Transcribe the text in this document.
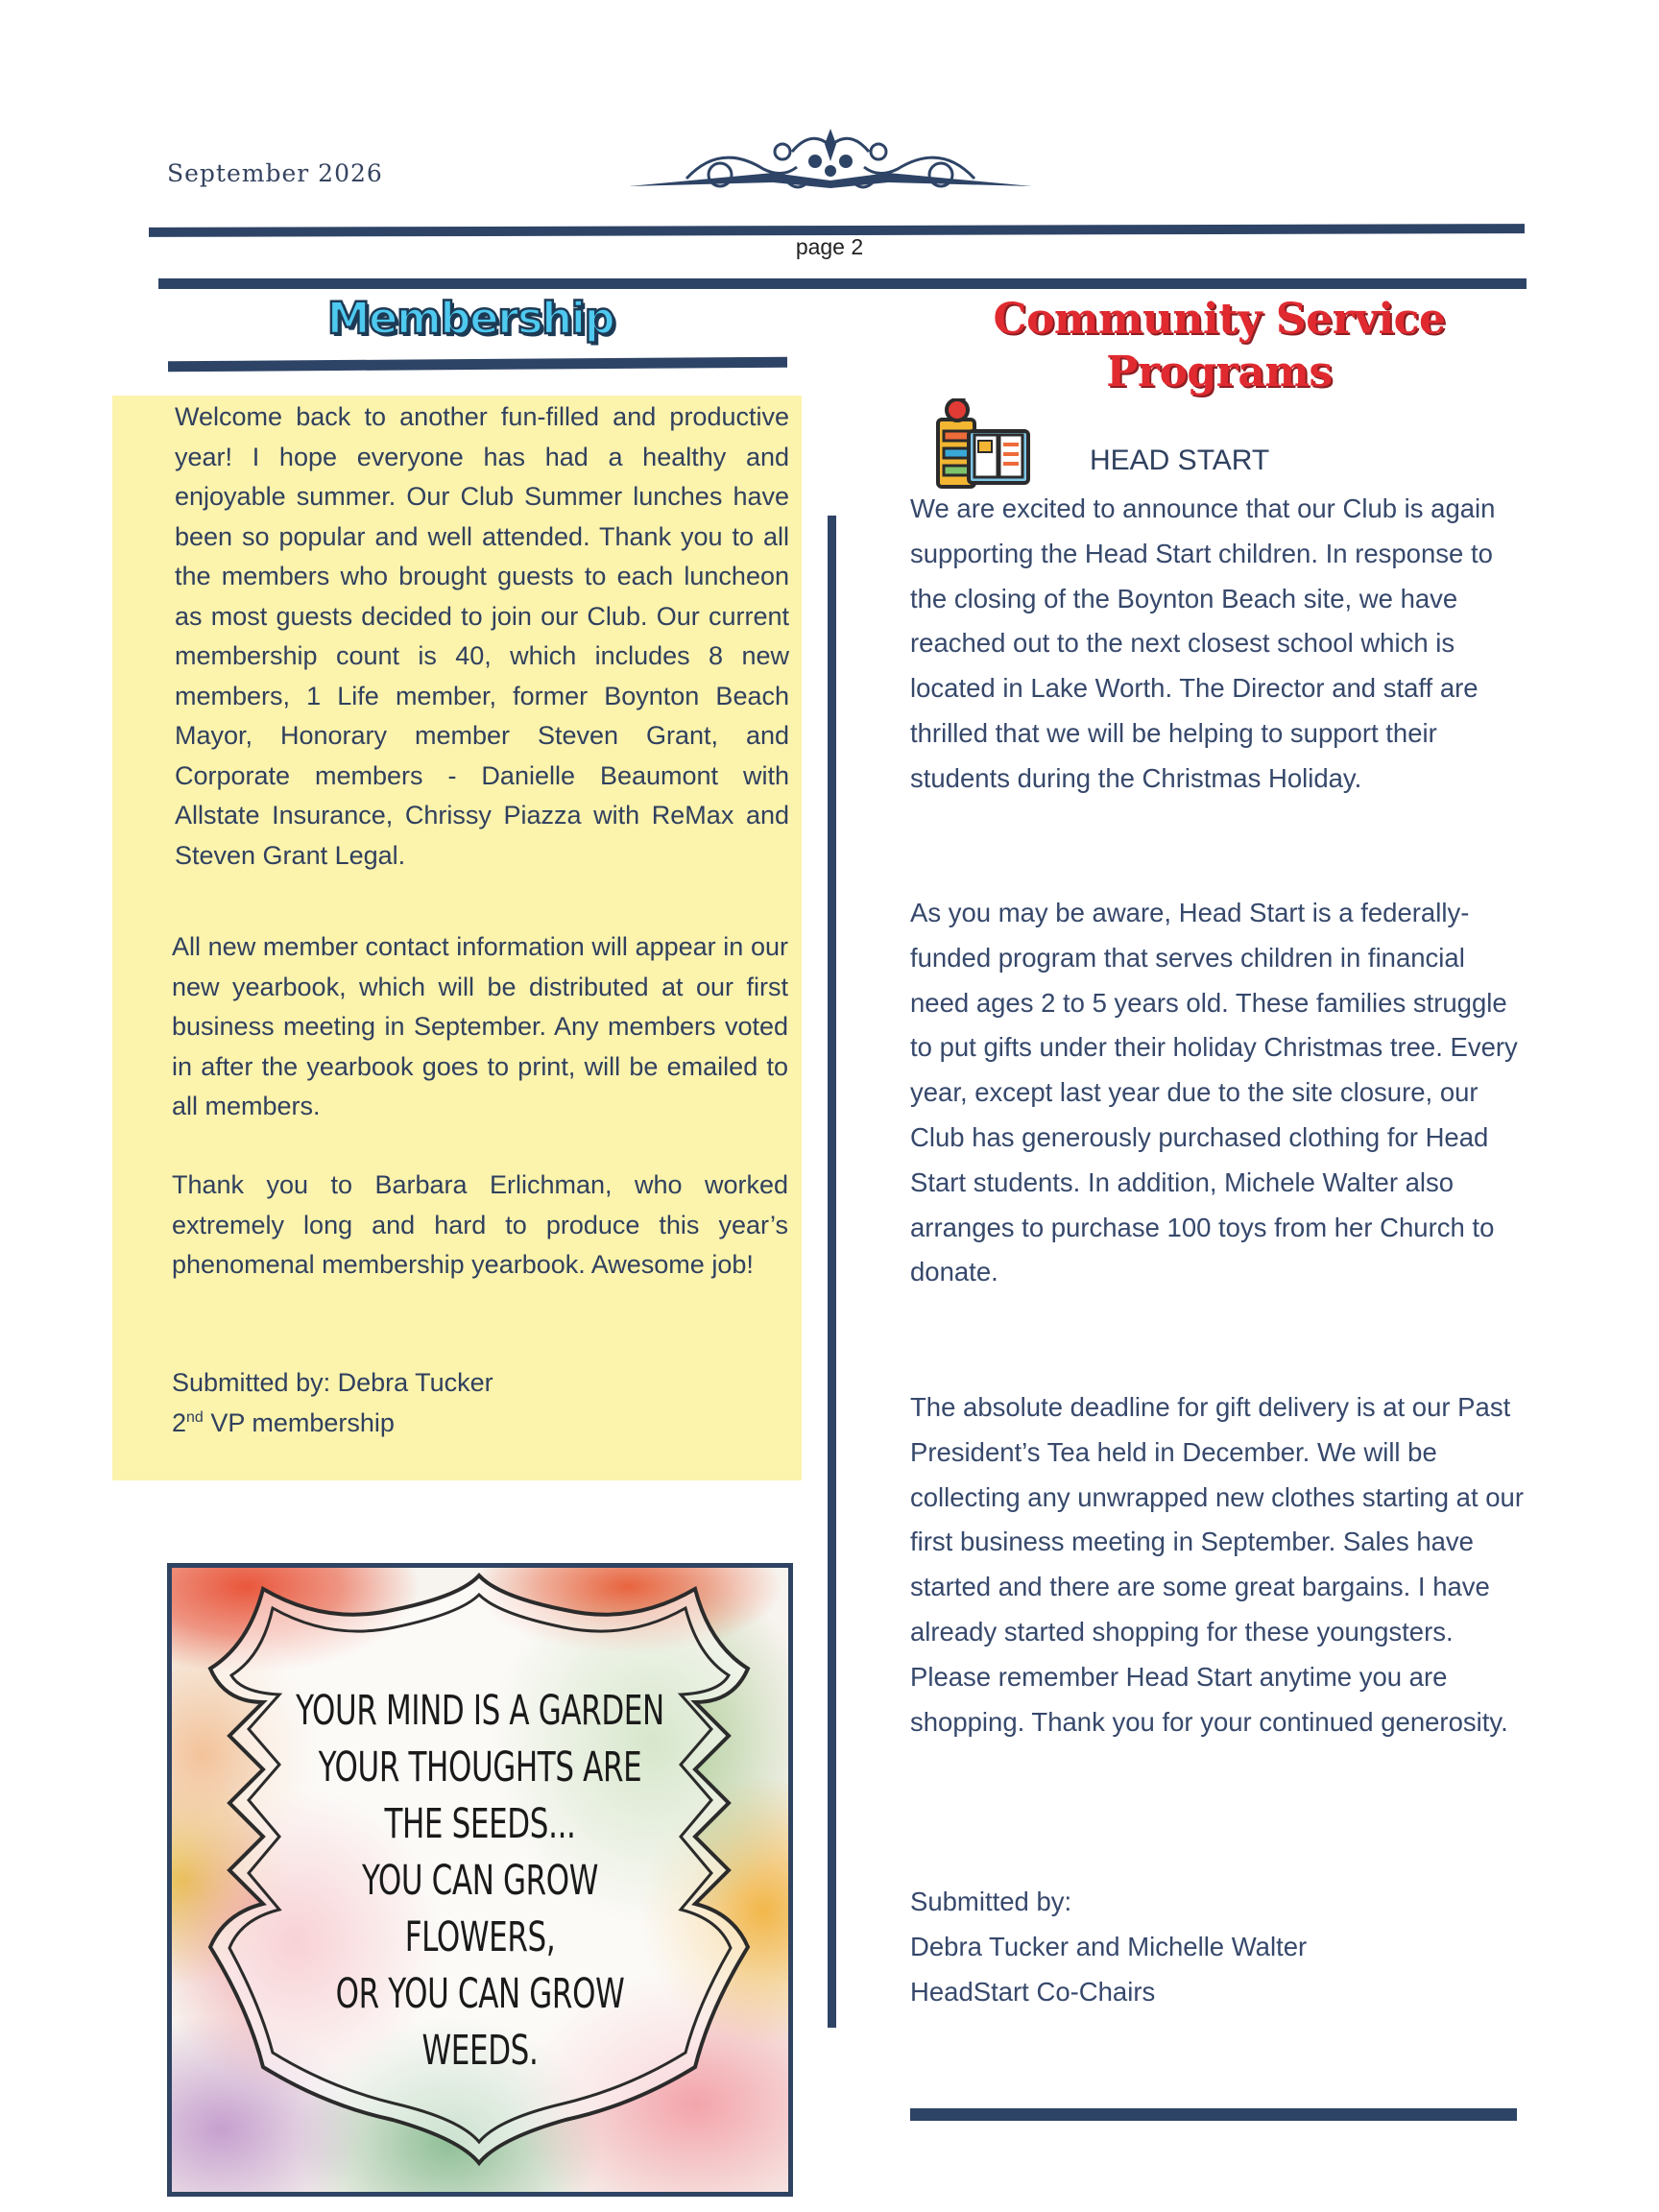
September 2026
page 2
Membership

Welcome back to another fun-filled and productive year! I hope everyone has had a healthy and enjoyable summer. Our Club Summer lunches have been so popular and well attended. Thank you to all the members who brought guests to each luncheon as most guests decided to join our Club. Our current membership count is 40, which includes 8 new members, 1 Life member, former Boynton Beach Mayor, Honorary member Steven Grant, and Corporate members - Danielle Beaumont with Allstate Insurance, Chrissy Piazza with ReMax and Steven Grant Legal.

All new member contact information will appear in our new yearbook, which will be distributed at our first business meeting in September. Any members voted in after the yearbook goes to print, will be emailed to all members.

Thank you to Barbara Erlichman, who worked extremely long and hard to produce this year’s phenomenal membership yearbook. Awesome job!

Submitted by: Debra Tucker

2nd VP membership

YOUR MIND IS A GARDEN
YOUR THOUGHTS ARE
THE SEEDS...
YOU CAN GROW
FLOWERS,
OR YOU CAN GROW
WEEDS.
Community Service Programs
HEAD START

We are excited to announce that our Club is again supporting the Head Start children. In response to the closing of the Boynton Beach site, we have reached out to the next closest school which is located in Lake Worth. The Director and staff are thrilled that we will be helping to support their students during the Christmas Holiday.

As you may be aware, Head Start is a federally-funded program that serves children in financial need ages 2 to 5 years old. These families struggle to put gifts under their holiday Christmas tree. Every year, except last year due to the site closure, our Club has generously purchased clothing for Head Start students. In addition, Michele Walter also arranges to purchase 100 toys from her Church to donate.

The absolute deadline for gift delivery is at our Past President’s Tea held in December. We will be collecting any unwrapped new clothes starting at our first business meeting in September. Sales have started and there are some great bargains. I have already started shopping for these youngsters. Please remember Head Start anytime you are shopping. Thank you for your continued generosity.

Submitted by:
Debra Tucker and Michelle Walter
HeadStart Co-Chairs
